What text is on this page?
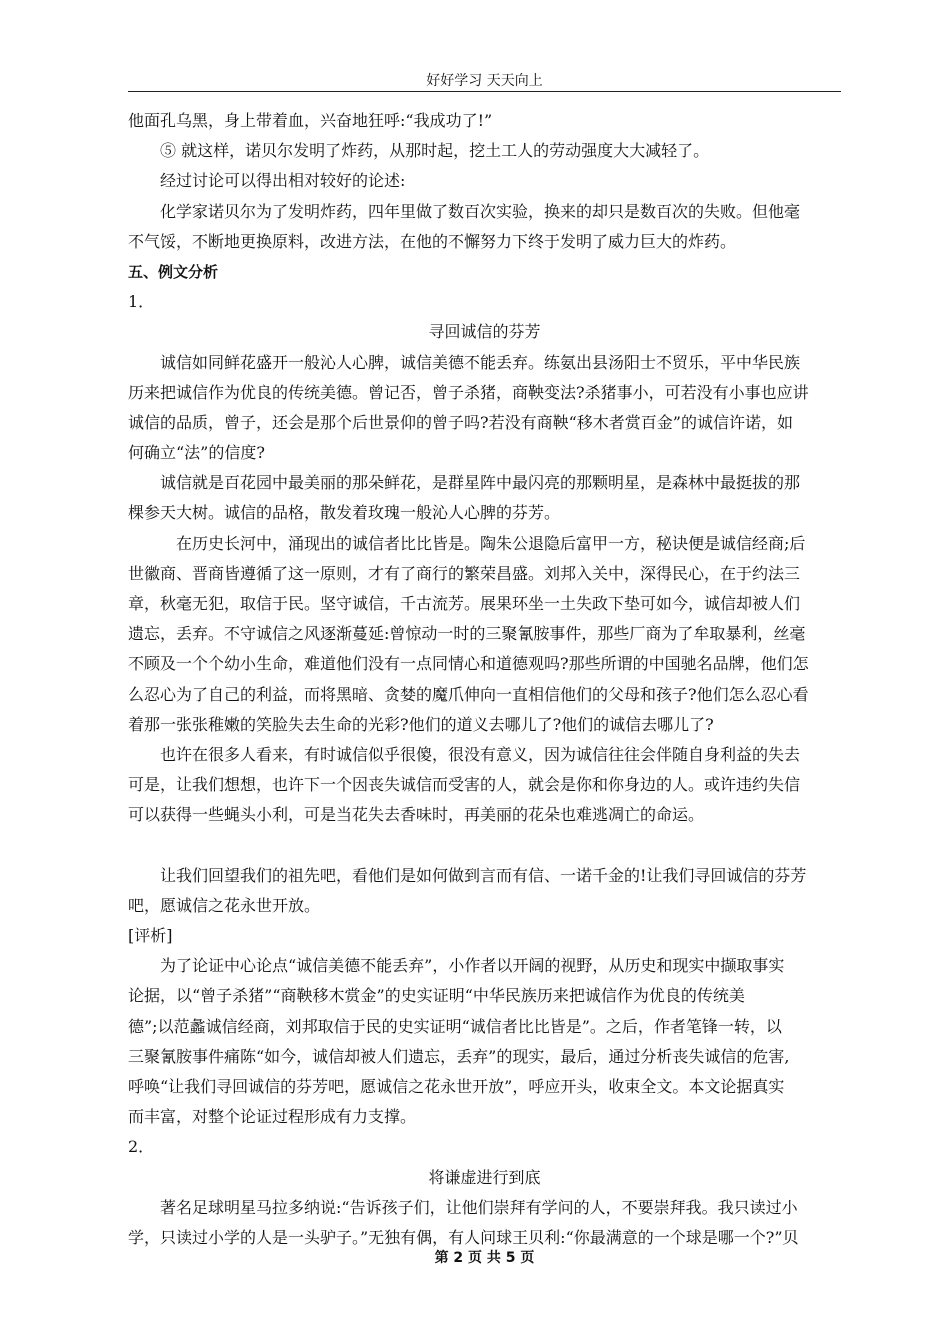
好好学习 天天向上
他面孔乌黑，身上带着血，兴奋地狂呼:“我成功了!”
⑤ 就这样，诺贝尔发明了炸药，从那时起，挖土工人的劳动强度大大减轻了。
经过讨论可以得出相对较好的论述:
化学家诺贝尔为了发明炸药，四年里做了数百次实验，换来的却只是数百次的失败。但他毫
不气馁，不断地更换原料，改进方法，在他的不懈努力下终于发明了威力巨大的炸药。
五、例文分析
1．
寻回诚信的芬芳
诚信如同鲜花盛开一般沁人心脾，诚信美德不能丢弃。练氨出县汤阳士不贸乐，平中华民族
历来把诚信作为优良的传统美德。曾记否，曾子杀猪，商鞅变法?杀猪事小，可若没有小事也应讲
诚信的品质，曾子，还会是那个后世景仰的曾子吗?若没有商鞅“移木者赏百金”的诚信许诺，如
何确立“法”的信度?
诚信就是百花园中最美丽的那朵鲜花，是群星阵中最闪亮的那颗明星，是森林中最挺拔的那
棵参天大树。诚信的品格，散发着玫瑰一般沁人心脾的芬芳。
在历史长河中，涌现出的诚信者比比皆是。陶朱公退隐后富甲一方，秘诀便是诚信经商;后
世徽商、晋商皆遵循了这一原则，才有了商行的繁荣昌盛。刘邦入关中，深得民心，在于约法三
章，秋毫无犯，取信于民。坚守诚信，千古流芳。展果环坐一土失政下垫可如今，诚信却被人们
遗忘，丢弃。不守诚信之风逐渐蔓延:曾惊动一时的三聚氰胺事件，那些厂商为了牟取暴利，丝毫
不顾及一个个幼小生命，难道他们没有一点同情心和道德观吗?那些所谓的中国驰名品牌，他们怎
么忍心为了自己的利益，而将黑暗、贪婪的魔爪伸向一直相信他们的父母和孩子?他们怎么忍心看
着那一张张稚嫩的笑脸失去生命的光彩?他们的道义去哪儿了?他们的诚信去哪儿了?
也许在很多人看来，有时诚信似乎很傻，很没有意义，因为诚信往往会伴随自身利益的失去
可是，让我们想想，也许下一个因丧失诚信而受害的人，就会是你和你身边的人。或许违约失信
可以获得一些蝇头小利，可是当花失去香味时，再美丽的花朵也难逃凋亡的命运。
让我们回望我们的祖先吧，看他们是如何做到言而有信、一诺千金的!让我们寻回诚信的芬芳
吧，愿诚信之花永世开放。
[评析]
为了论证中心论点“诚信美德不能丢弃”，小作者以开阔的视野，从历史和现实中撷取事实
论据，以“曾子杀猪”“商鞅移木赏金”的史实证明“中华民族历来把诚信作为优良的传统美
德”;以范蠡诚信经商，刘邦取信于民的史实证明“诚信者比比皆是”。之后，作者笔锋一转，以
三聚氰胺事件痛陈“如今，诚信却被人们遗忘，丢弃”的现实，最后，通过分析丧失诚信的危害,
呼唤“让我们寻回诚信的芬芳吧，愿诚信之花永世开放”，呼应开头，收束全文。本文论据真实
而丰富，对整个论证过程形成有力支撑。
2．
将谦虚进行到底
著名足球明星马拉多纳说:“告诉孩子们，让他们崇拜有学问的人，不要崇拜我。我只读过小
学，只读过小学的人是一头驴子。”无独有偶，有人问球王贝利:“你最满意的一个球是哪一个?”贝
第 2 页 共 5 页
